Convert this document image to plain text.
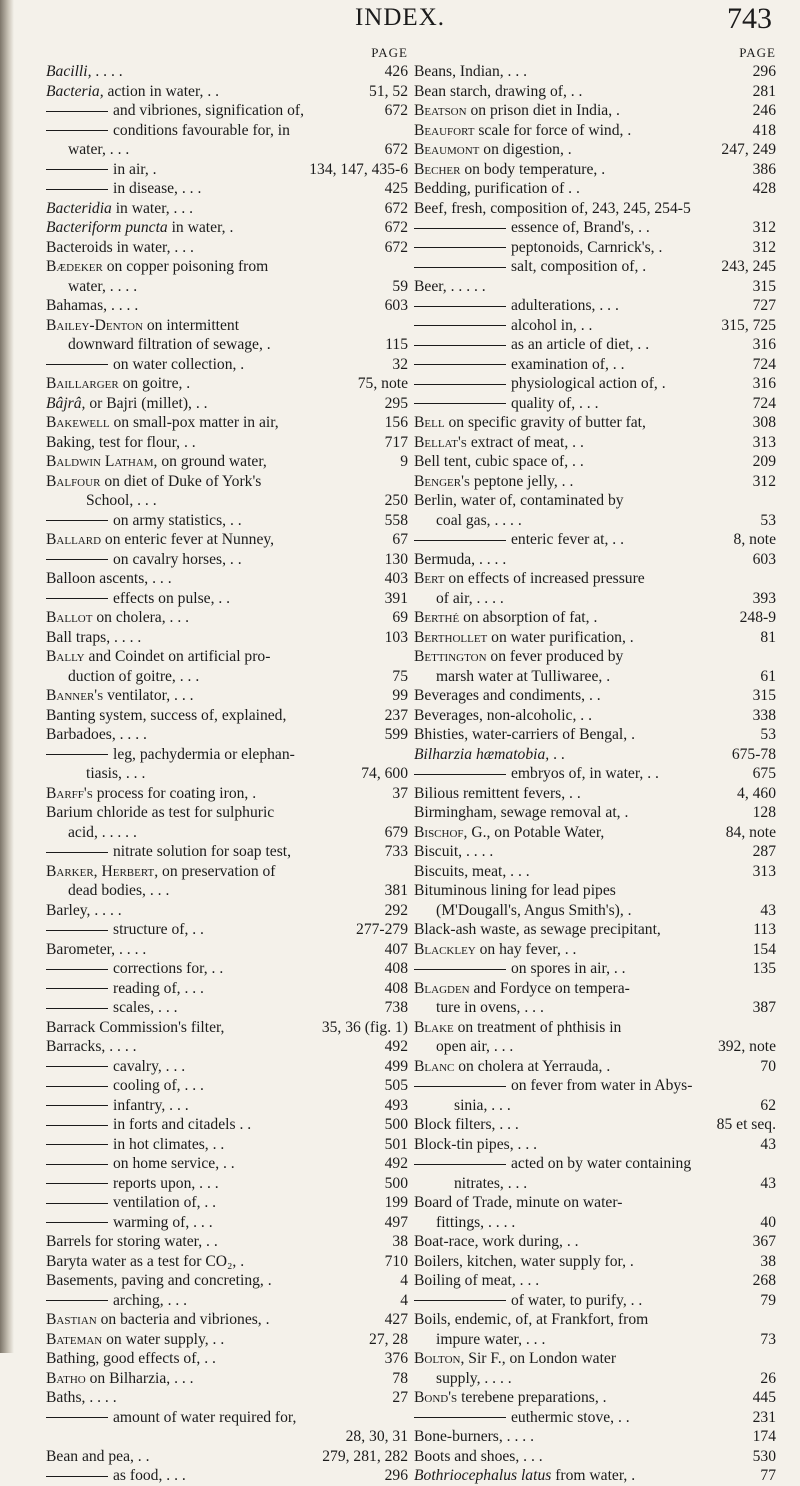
INDEX.	743
PAGE
Bacilli, . . . .	426
Bacteria, action in water, . .	51, 52
and vibriones, signification of,	672
conditions favourable for, in
water, . . .	672
in air, .	134, 147, 435-6
in disease, . . .	425
Bacteridia in water, . . .	672
Bacteriform puncta in water, .	672
Bacteroids in water, . . .	672
Bædeker on copper poisoning from
water, . . . .	59
Bahamas, . . . .	603
Bailey-Denton on intermittent
downward filtration of sewage, .	115
on water collection, .	32
Baillarger on goitre, .	75, note
Bâjrâ, or Bajri (millet), . .	295
Bakewell on small-pox matter in air,	156
Baking, test for flour, . .	717
Baldwin Latham, on ground water,	9
Balfour on diet of Duke of York's
School, . . .	250
on army statistics, . .	558
Ballard on enteric fever at Nunney,	67
on cavalry horses, . .	130
Balloon ascents, . . .	403
effects on pulse, . .	391
Ballot on cholera, . . .	69
Ball traps, . . . .	103
Bally and Coindet on artificial pro-
duction of goitre, . . .	75
Banner's ventilator, . . .	99
Banting system, success of, explained,	237
Barbadoes, . . . .	599
leg, pachydermia or elephan-
tiasis, . . .	74, 600
Barff's process for coating iron, .	37
Barium chloride as test for sulphuric
acid, . . . . .	679
nitrate solution for soap test,	733
Barker, Herbert, on preservation of
dead bodies, . . .	381
Barley, . . . .	292
structure of, . .	277-279
Barometer, . . . .	407
corrections for, . .	408
reading of, . . .	408
scales, . . .	738
Barrack Commission's filter,	35, 36 (fig. 1)
Barracks, . . . .	492
cavalry, . . .	499
cooling of, . . .	505
infantry, . . .	493
in forts and citadels . .	500
in hot climates, . .	501
on home service, . .	492
reports upon, . . .	500
ventilation of, . .	199
warming of, . . .	497
Barrels for storing water, . .	38
Baryta water as a test for CO₂, .	710
Basements, paving and concreting, .	4
arching, . . .	4
Bastian on bacteria and vibriones, .	427
Bateman on water supply, . .	27, 28
Bathing, good effects of, . .	376
Batho on Bilharzia, . . .	78
Baths, . . . .	27
amount of water required for,
28, 30, 31
Bean and pea, . .	279, 281, 282
as food, . . .	296
PAGE
Beans, Indian, . . .	296
Bean starch, drawing of, . .	281
Beatson on prison diet in India, .	246
Beaufort scale for force of wind, .	418
Beaumont on digestion, .	247, 249
Becher on body temperature, .	386
Bedding, purification of . .	428
Beef, fresh, composition of, 243, 245, 254-5
essence of, Brand's, . .	312
peptonoids, Carnrick's, .	312
salt, composition of, .	243, 245
Beer, . . . . .	315
adulterations, . . .	727
alcohol in, . .	315, 725
as an article of diet, . .	316
examination of, . .	724
physiological action of, .	316
quality of, . . .	724
Bell on specific gravity of butter fat,	308
Bellat's extract of meat, . .	313
Bell tent, cubic space of, . .	209
Benger's peptone jelly, . .	312
Berlin, water of, contaminated by
coal gas, . . . .	53
enteric fever at, . .	8, note
Bermuda, . . . .	603
Bert on effects of increased pressure
of air, . . . .	393
Berthé on absorption of fat, .	248-9
Berthollet on water purification, .	81
Bettington on fever produced by
marsh water at Tulliwaree, .	61
Beverages and condiments, . .	315
Beverages, non-alcoholic, . .	338
Bhisties, water-carriers of Bengal, .	53
Bilharzia hæmatobia, . .	675-78
embryos of, in water, . .	675
Bilious remittent fevers, . .	4, 460
Birmingham, sewage removal at, .	128
Bischof, G., on Potable Water,	84, note
Biscuit, . . . .	287
Biscuits, meat, . . .	313
Bituminous lining for lead pipes
(M'Dougall's, Angus Smith's), .	43
Black-ash waste, as sewage precipitant,	113
Blackley on hay fever, . .	154
on spores in air, . .	135
Blagden and Fordyce on tempera-
ture in ovens, . . .	387
Blake on treatment of phthisis in
open air, . . .	392, note
Blanc on cholera at Yerrauda, .	70
on fever from water in Abys-
sinia, . . .	62
Block filters, . . .	85 et seq.
Block-tin pipes, . . .	43
acted on by water containing
nitrates, . . .	43
Board of Trade, minute on water-
fittings, . . . .	40
Boat-race, work during, . .	367
Boilers, kitchen, water supply for, .	38
Boiling of meat, . . .	268
of water, to purify, . .	79
Boils, endemic, of, at Frankfort, from
impure water, . . .	73
Bolton, Sir F., on London water
supply, . . . .	26
Bond's terebene preparations, .	445
euthermic stove, . .	231
Bone-burners, . . . .	174
Boots and shoes, . . .	530
Bothriocephalus latus from water, .	77
